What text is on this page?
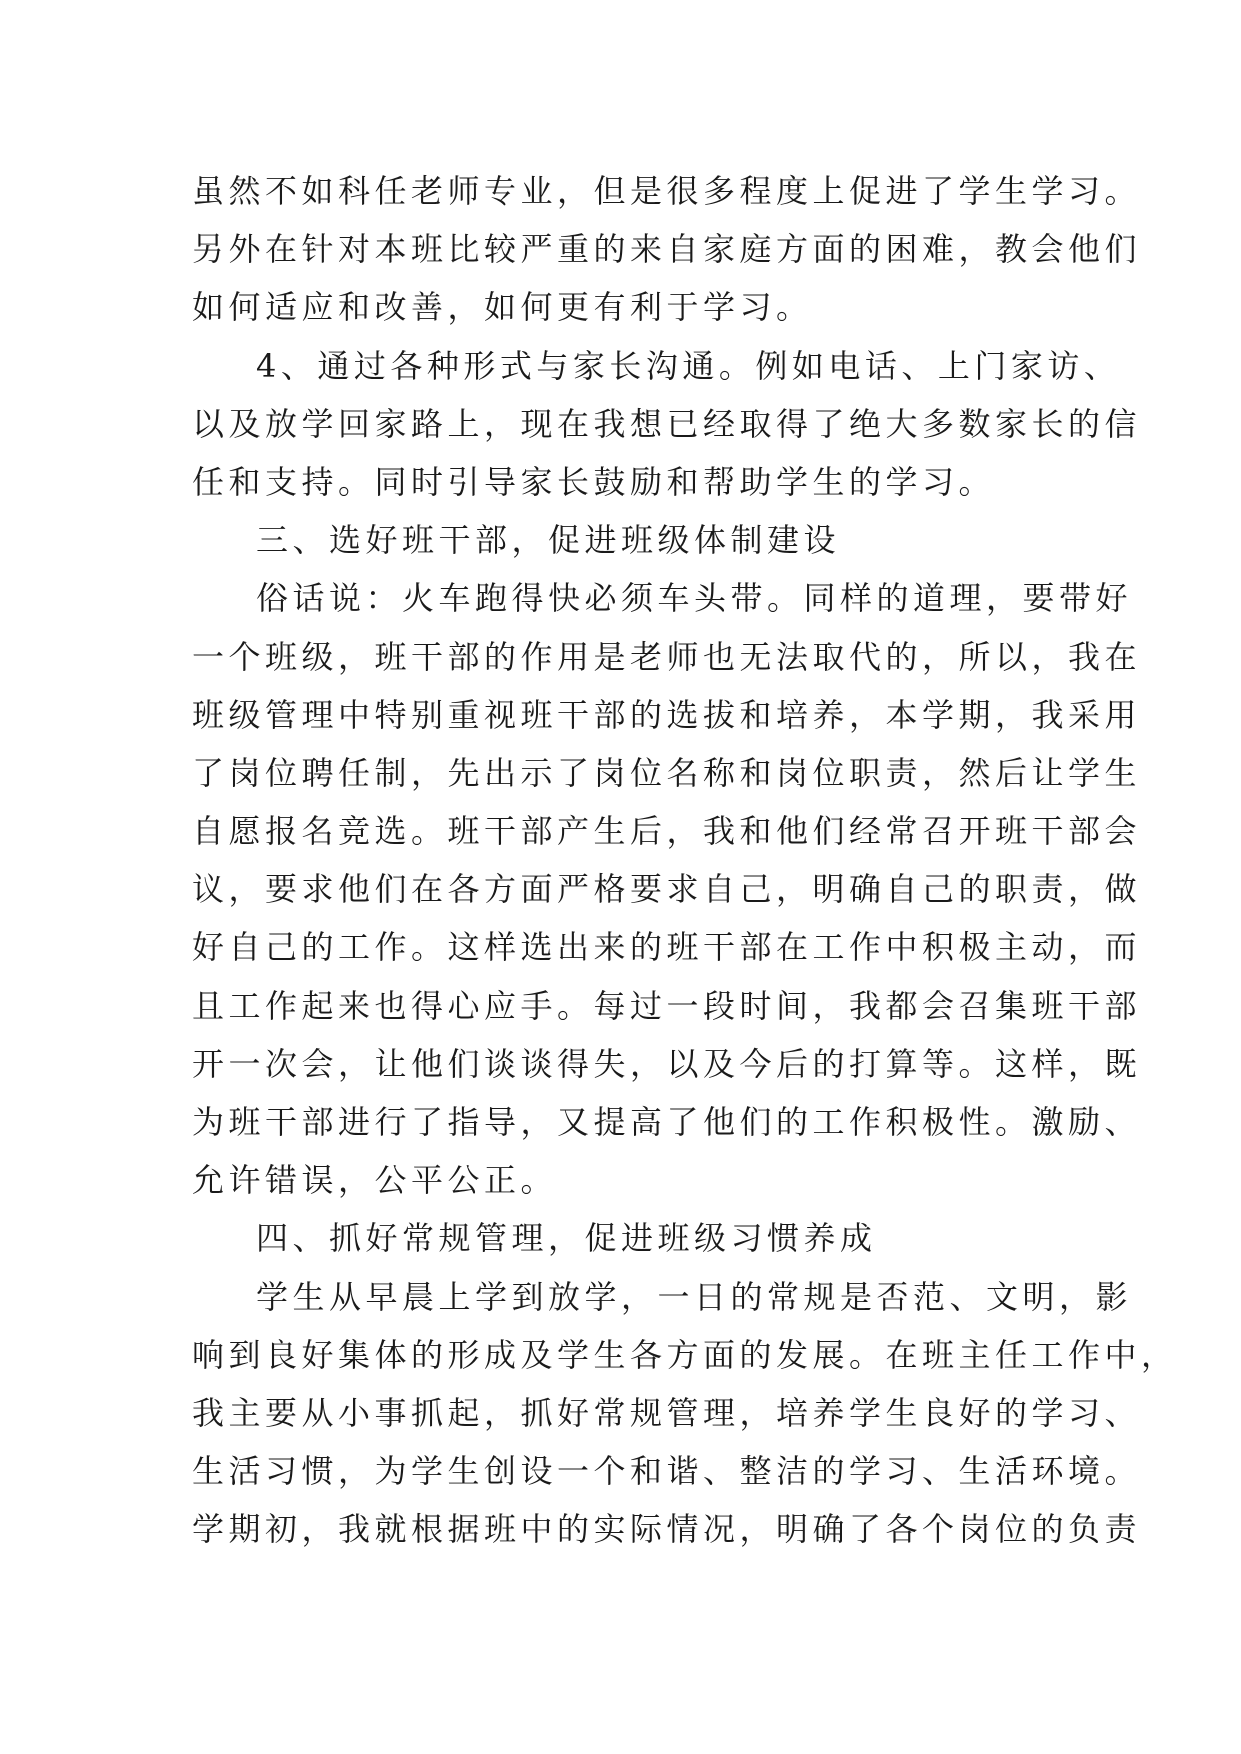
虽然不如科任老师专业，但是很多程度上促进了学生学习。
另外在针对本班比较严重的来自家庭方面的困难，教会他们
如何适应和改善，如何更有利于学习。
4、通过各种形式与家长沟通。例如电话、上门家访、
以及放学回家路上，现在我想已经取得了绝大多数家长的信
任和支持。同时引导家长鼓励和帮助学生的学习。
三、选好班干部，促进班级体制建设
俗话说：火车跑得快必须车头带。同样的道理，要带好
一个班级，班干部的作用是老师也无法取代的，所以，我在
班级管理中特别重视班干部的选拔和培养，本学期，我采用
了岗位聘任制，先出示了岗位名称和岗位职责，然后让学生
自愿报名竞选。班干部产生后，我和他们经常召开班干部会
议，要求他们在各方面严格要求自己，明确自己的职责，做
好自己的工作。这样选出来的班干部在工作中积极主动，而
且工作起来也得心应手。每过一段时间，我都会召集班干部
开一次会，让他们谈谈得失，以及今后的打算等。这样，既
为班干部进行了指导，又提高了他们的工作积极性。激励、
允许错误，公平公正。
四、抓好常规管理，促进班级习惯养成
学生从早晨上学到放学，一日的常规是否范、文明，影
响到良好集体的形成及学生各方面的发展。在班主任工作中，
我主要从小事抓起，抓好常规管理，培养学生良好的学习、
生活习惯，为学生创设一个和谐、整洁的学习、生活环境。
学期初，我就根据班中的实际情况，明确了各个岗位的负责
